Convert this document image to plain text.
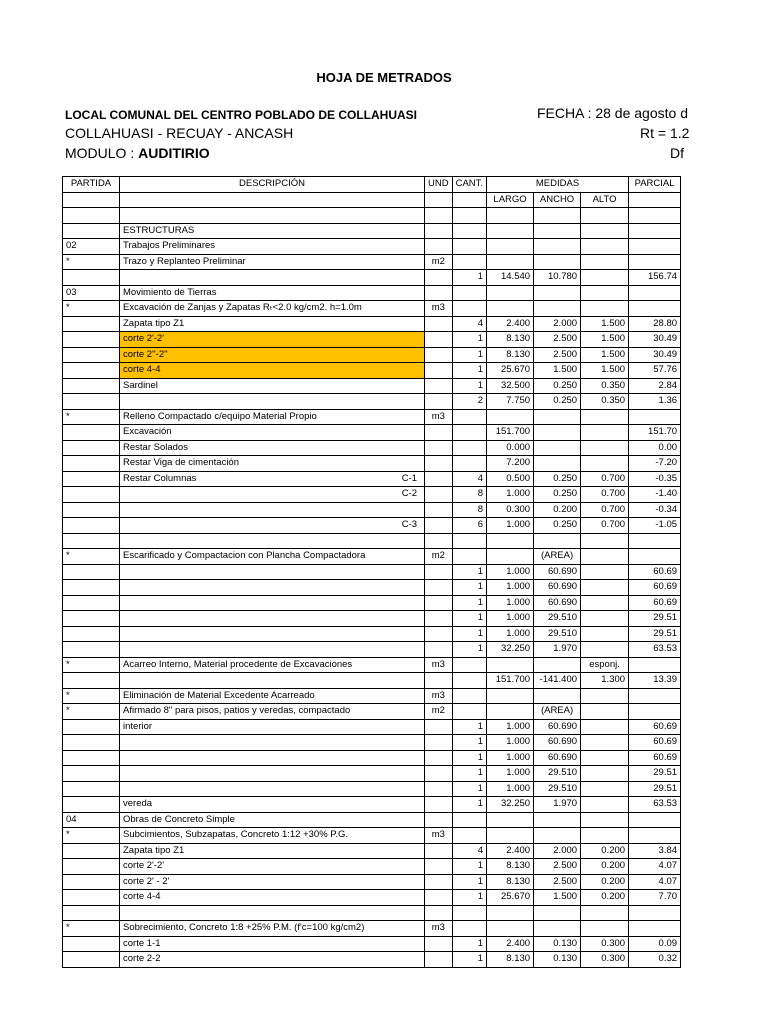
HOJA DE METRADOS
LOCAL COMUNAL DEL CENTRO POBLADO DE COLLAHUASI	FECHA : 28 de agosto d
COLLAHUASI - RECUAY - ANCASH	Rt = 1.2
MODULO : AUDITIRIO	Df
PARTIDA	DESCRIPCIÓN	UND	CANT.	MEDIDAS			PARCIAL
				LARGO	ANCHO	ALTO	

	ESTRUCTURAS						
02	Trabajos Preliminares						
*	Trazo y Replanteo Preliminar	m2					
			1	14.540	10.780		156.74
03	Movimiento de Tierras						
*	Excavación de Zanjas y Zapatas Rₜ<2.0 kg/cm2. h=1.0m	m3					
	Zapata tipo Z1		4	2.400	2.000	1.500	28.80
	corte 2'-2'		1	8.130	2.500	1.500	30.49
	corte 2''-2''		1	8.130	2.500	1.500	30.49
	corte 4-4		1	25.670	1.500	1.500	57.76
	Sardinel		1	32.500	0.250	0.350	2.84
			2	7.750	0.250	0.350	1.36
*	Relleno Compactado c/equipo Material Propio	m3					
	Excavación			151.700			151.70
	Restar Solados			0.000			0.00
	Restar Viga de cimentación			7.200			-7.20

	Restar Columnas C-1		4	0.500	0.250	0.700	-0.35

	C-2		8	1.000	0.250	0.700	-1.40
			8	0.300	0.200	0.700	-0.34

	C-3		6	1.000	0.250	0.700	-1.05

*	Escarificado y Compactacion con Plancha Compactadora	m2			(AREA)		
			1	1.000	60.690		60.69
			1	1.000	60.690		60.69
			1	1.000	60.690		60.69
			1	1.000	29.510		29.51
			1	1.000	29.510		29.51
			1	32.250	1.970		63.53
*	Acarreo Interno, Material procedente de Excavaciones	m3				esponj.	
				151.700	-141.400	1.300	13.39
*	Eliminación de Material Excedente Acarreado	m3					
*	Afirmado 8" para pisos, patios y veredas, compactado	m2			(AREA)		
	interior		1	1.000	60.690		60.69
			1	1.000	60.690		60.69
			1	1.000	60.690		60.69
			1	1.000	29.510		29.51
			1	1.000	29.510		29.51
	vereda		1	32.250	1.970		63.53
04	Obras de Concreto Simple						
*	Subcimientos, Subzapatas, Concreto 1:12 +30% P.G.	m3					
	Zapata tipo Z1		4	2.400	2.000	0.200	3.84
	corte 2'-2'		1	8.130	2.500	0.200	4.07
	corte 2' - 2'		1	8.130	2.500	0.200	4.07
	corte 4-4		1	25.670	1.500	0.200	7.70

*	Sobrecimiento, Concreto 1:8 +25% P.M. (f'c=100 kg/cm2)	m3					
	corte 1-1		1	2.400	0.130	0.300	0.09
	corte 2-2		1	8.130	0.130	0.300	0.32
